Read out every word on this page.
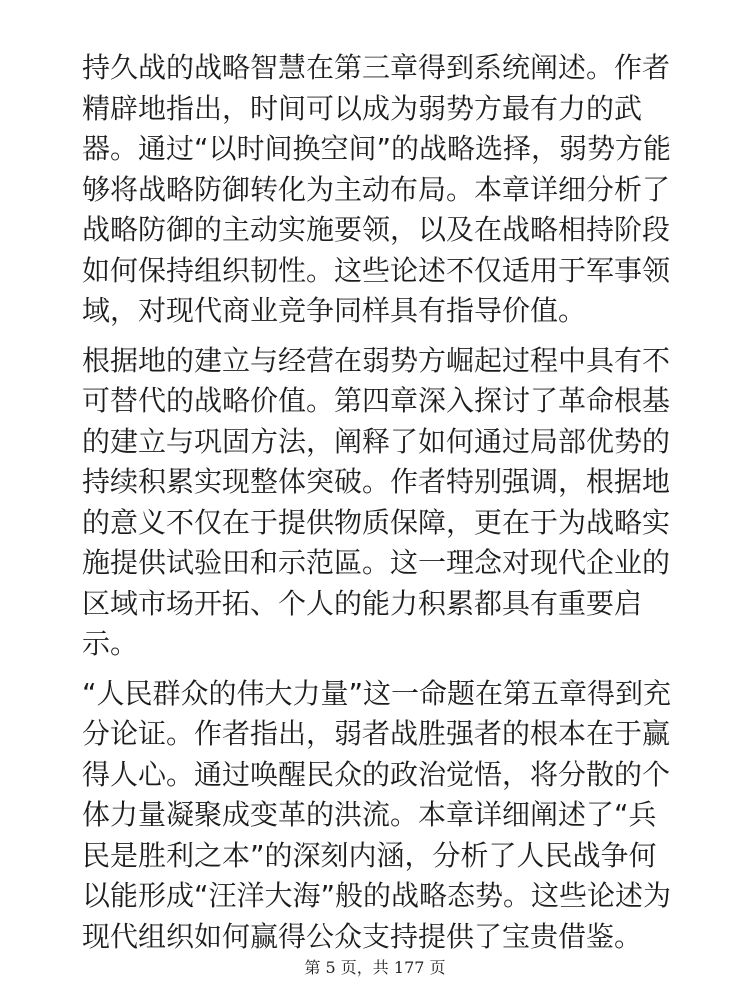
持久战的战略智慧在第三章得到系统阐述。作者精辟地指出，时间可以成为弱势方最有力的武器。通过“以时间换空间”的战略选择，弱势方能够将战略防御转化为主动布局。本章详细分析了战略防御的主动实施要领，以及在战略相持阶段如何保持组织韧性。这些论述不仅适用于军事领域，对现代商业竞争同样具有指导价值。

根据地的建立与经营在弱势方崛起过程中具有不可替代的战略价值。第四章深入探讨了革命根基的建立与巩固方法，阐释了如何通过局部优势的持续积累实现整体突破。作者特别强调，根据地的意义不仅在于提供物质保障，更在于为战略实施提供试验田和示范區。这一理念对现代企业的区域市场开拓、个人的能力积累都具有重要启示。

“人民群众的伟大力量”这一命题在第五章得到充分论证。作者指出，弱者战胜强者的根本在于赢得人心。通过唤醒民众的政治觉悟，将分散的个体力量凝聚成变革的洪流。本章详细阐述了“兵民是胜利之本”的深刻内涵，分析了人民战争何以能形成“汪洋大海”般的战略态势。这些论述为现代组织如何赢得公众支持提供了宝贵借鉴。

第 5 页，共 177 页
